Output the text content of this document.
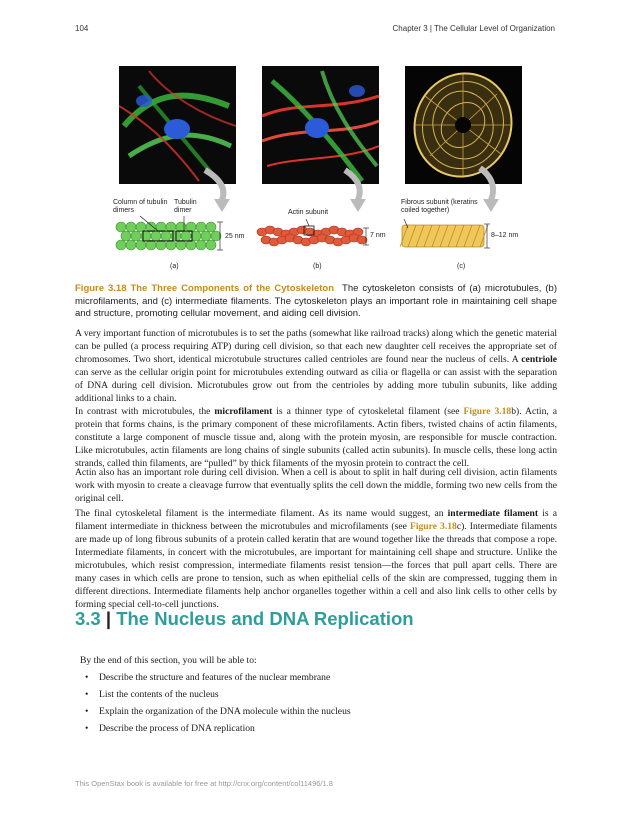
104	Chapter 3 | The Cellular Level of Organization
Column of tubulin dimers
Tubulin dimer
25 nm
Actin subunit
7 nm
Fibrous subunit (keratins coiled together)
8–12 nm
(a)	(b)	(c)
Figure 3.18 The Three Components of the Cytoskeleton The cytoskeleton consists of (a) microtubules, (b) microfilaments, and (c) intermediate filaments. The cytoskeleton plays an important role in maintaining cell shape and structure, promoting cellular movement, and aiding cell division.

A very important function of microtubules is to set the paths (somewhat like railroad tracks) along which the genetic material can be pulled (a process requiring ATP) during cell division, so that each new daughter cell receives the appropriate set of chromosomes. Two short, identical microtubule structures called centrioles are found near the nucleus of cells. A centriole can serve as the cellular origin point for microtubules extending outward as cilia or flagella or can assist with the separation of DNA during cell division. Microtubules grow out from the centrioles by adding more tubulin subunits, like adding additional links to a chain.

In contrast with microtubules, the microfilament is a thinner type of cytoskeletal filament (see Figure 3.18b). Actin, a protein that forms chains, is the primary component of these microfilaments. Actin fibers, twisted chains of actin filaments, constitute a large component of muscle tissue and, along with the protein myosin, are responsible for muscle contraction. Like microtubules, actin filaments are long chains of single subunits (called actin subunits). In muscle cells, these long actin strands, called thin filaments, are “pulled” by thick filaments of the myosin protein to contract the cell.

Actin also has an important role during cell division. When a cell is about to split in half during cell division, actin filaments work with myosin to create a cleavage furrow that eventually splits the cell down the middle, forming two new cells from the original cell.

The final cytoskeletal filament is the intermediate filament. As its name would suggest, an intermediate filament is a filament intermediate in thickness between the microtubules and microfilaments (see Figure 3.18c). Intermediate filaments are made up of long fibrous subunits of a protein called keratin that are wound together like the threads that compose a rope. Intermediate filaments, in concert with the microtubules, are important for maintaining cell shape and structure. Unlike the microtubules, which resist compression, intermediate filaments resist tension—the forces that pull apart cells. There are many cases in which cells are prone to tension, such as when epithelial cells of the skin are compressed, tugging them in different directions. Intermediate filaments help anchor organelles together within a cell and also link cells to other cells by forming special cell-to-cell junctions.

3.3 | The Nucleus and DNA Replication
By the end of this section, you will be able to:
• Describe the structure and features of the nuclear membrane
• List the contents of the nucleus
• Explain the organization of the DNA molecule within the nucleus
• Describe the process of DNA replication
This OpenStax book is available for free at http://cnx.org/content/col11496/1.8
